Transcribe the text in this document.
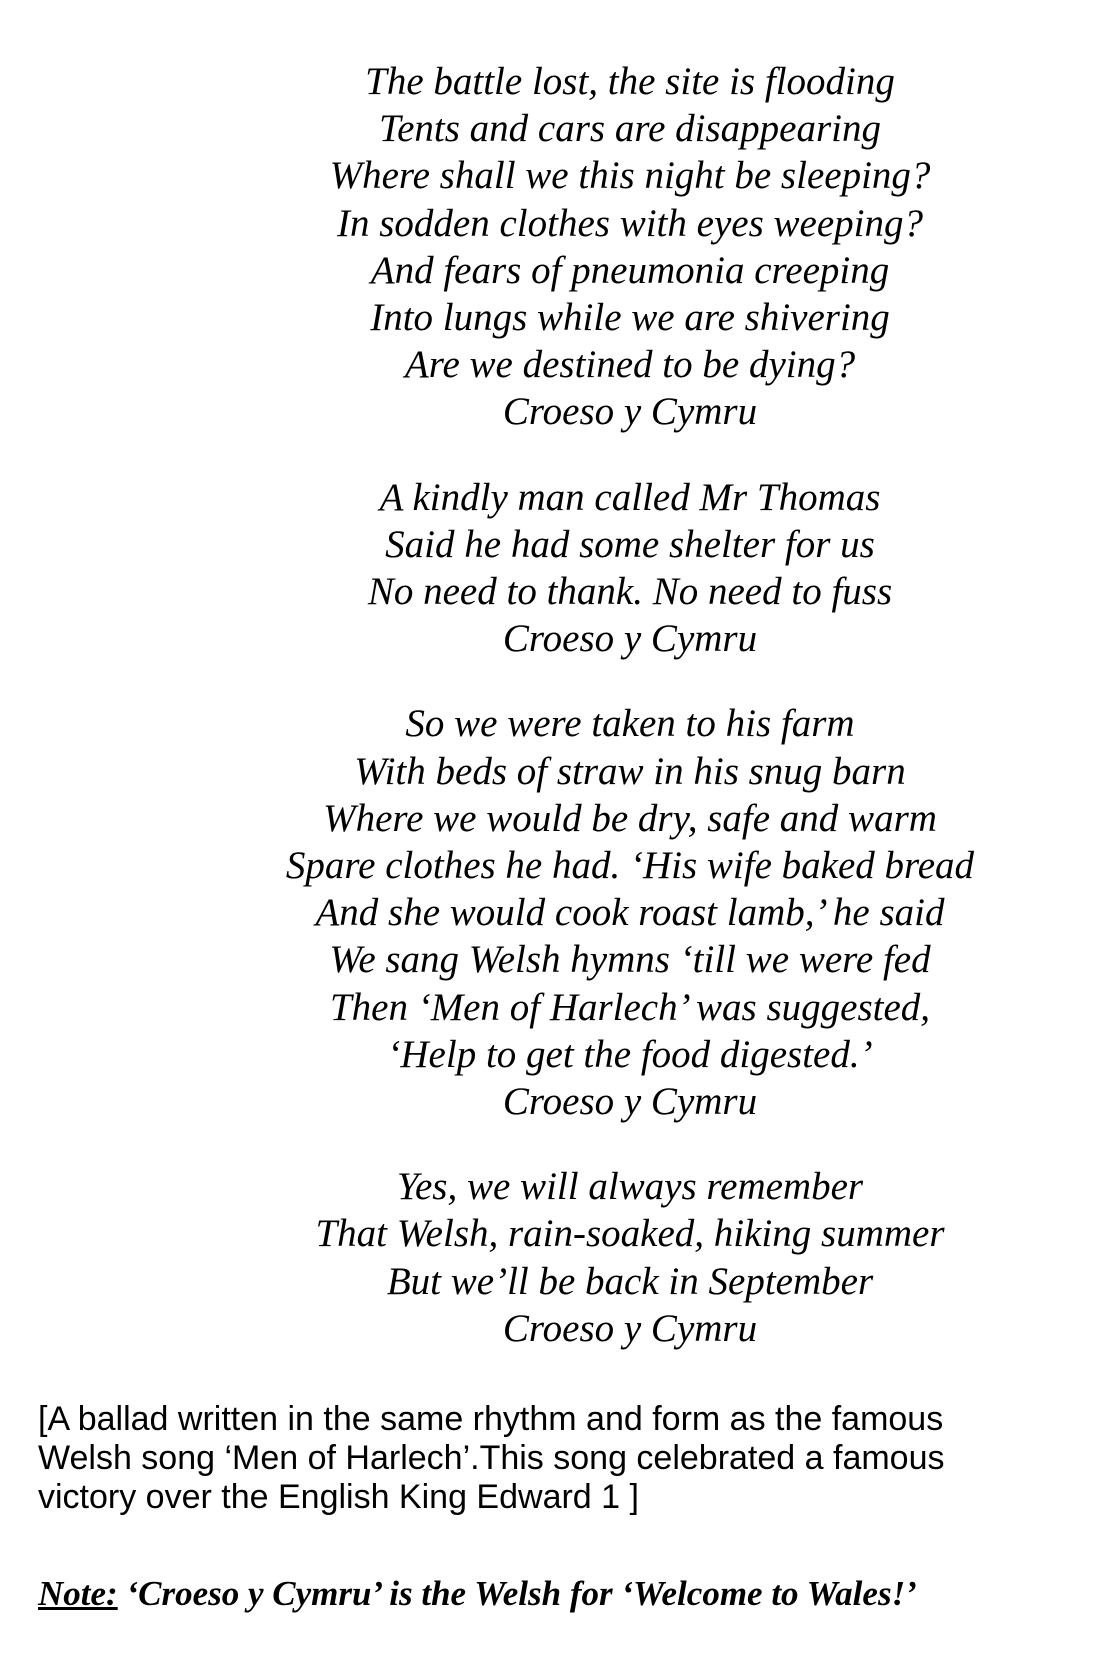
The battle lost, the site is flooding
Tents and cars are disappearing
Where shall we this night be sleeping?
In sodden clothes with eyes weeping?
And fears of pneumonia creeping
Into lungs while we are shivering
Are we destined to be dying?
Croeso y Cymru
A kindly man called Mr Thomas
Said he had some shelter for us
No need to thank. No need to fuss
Croeso y Cymru
So we were taken to his farm
With beds of straw in his snug barn
Where we would be dry, safe and warm
Spare clothes he had. ‘His wife baked bread
And she would cook roast lamb,’ he said
We sang Welsh hymns ‘till we were fed
Then ‘Men of Harlech’ was suggested,
‘Help to get the food digested.’
Croeso y Cymru
Yes, we will always remember
That Welsh, rain-soaked, hiking summer
But we’ll be back in September
Croeso y Cymru
[A ballad written in the same rhythm and form as the famous
Welsh song ‘Men of Harlech’.This song celebrated a famous
victory over the English King Edward 1 ]
Note: ‘Croeso y Cymru’ is the Welsh for ‘Welcome to Wales!’
